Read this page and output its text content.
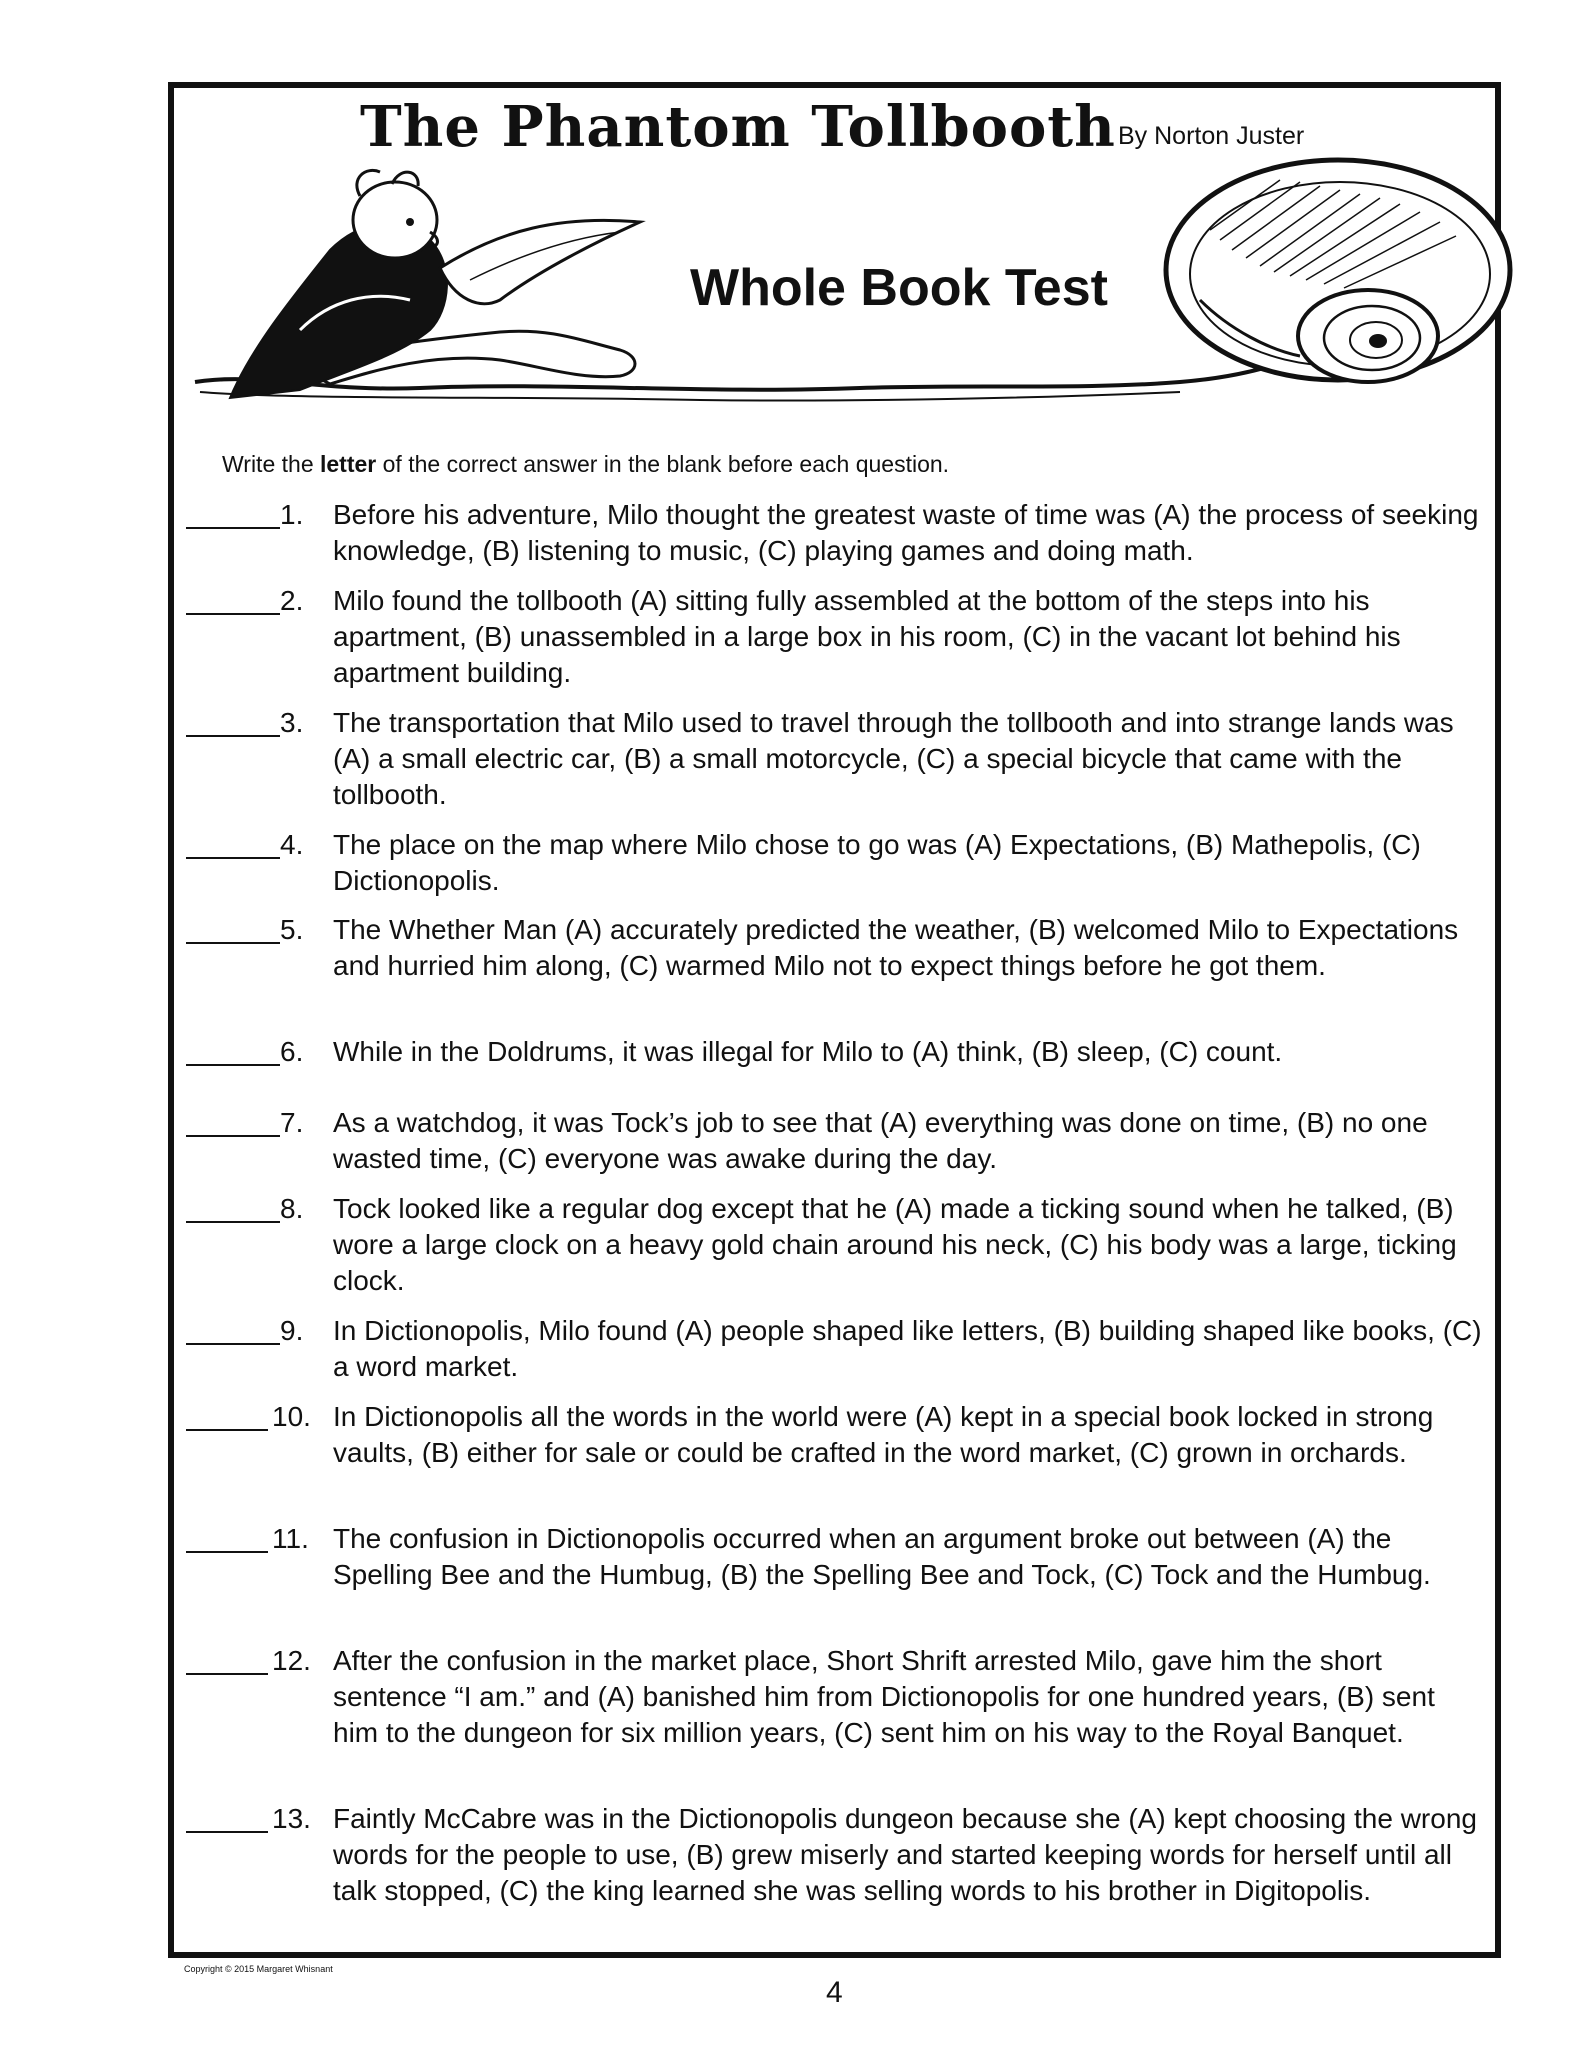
The Phantom Tollbooth By Norton Juster
Whole Book Test
Write the letter of the correct answer in the blank before each question.
1.	Before his adventure, Milo thought the greatest waste of time was (A) the process of seeking knowledge, (B) listening to music, (C) playing games and doing math.
2.	Milo found the tollbooth (A) sitting fully assembled at the bottom of the steps into his apartment, (B) unassembled in a large box in his room, (C) in the vacant lot behind his apartment building.
3.	The transportation that Milo used to travel through the tollbooth and into strange lands was (A) a small electric car, (B) a small motorcycle, (C) a special bicycle that came with the tollbooth.
4.	The place on the map where Milo chose to go was (A) Expectations, (B) Mathepolis, (C) Dictionopolis.
5.	The Whether Man (A) accurately predicted the weather, (B) welcomed Milo to Expectations and hurried him along, (C) warmed Milo not to expect things before he got them.
6.	While in the Doldrums, it was illegal for Milo to (A) think, (B) sleep, (C) count.
7.	As a watchdog, it was Tock’s job to see that (A) everything was done on time, (B) no one wasted time, (C) everyone was awake during the day.
8.	Tock looked like a regular dog except that he (A) made a ticking sound when he talked, (B) wore a large clock on a heavy gold chain around his neck, (C) his body was a large, ticking clock.
9.	In Dictionopolis, Milo found (A) people shaped like letters, (B) building shaped like books, (C) a word market.
10. In Dictionopolis all the words in the world were (A) kept in a special book locked in strong vaults, (B) either for sale or could be crafted in the word market, (C) grown in orchards.
11. The confusion in Dictionopolis occurred when an argument broke out between (A) the Spelling Bee and the Humbug, (B) the Spelling Bee and Tock, (C) Tock and the Humbug.
12. After the confusion in the market place, Short Shrift arrested Milo, gave him the short sentence “I am.” and (A) banished him from Dictionopolis for one hundred years, (B) sent him to the dungeon for six million years, (C) sent him on his way to the Royal Banquet.
13. Faintly McCabre was in the Dictionopolis dungeon because she (A) kept choosing the wrong words for the people to use, (B) grew miserly and started keeping words for herself until all talk stopped, (C) the king learned she was selling words to his brother in Digitopolis.
Copyright © 2015 Margaret Whisnant
4
